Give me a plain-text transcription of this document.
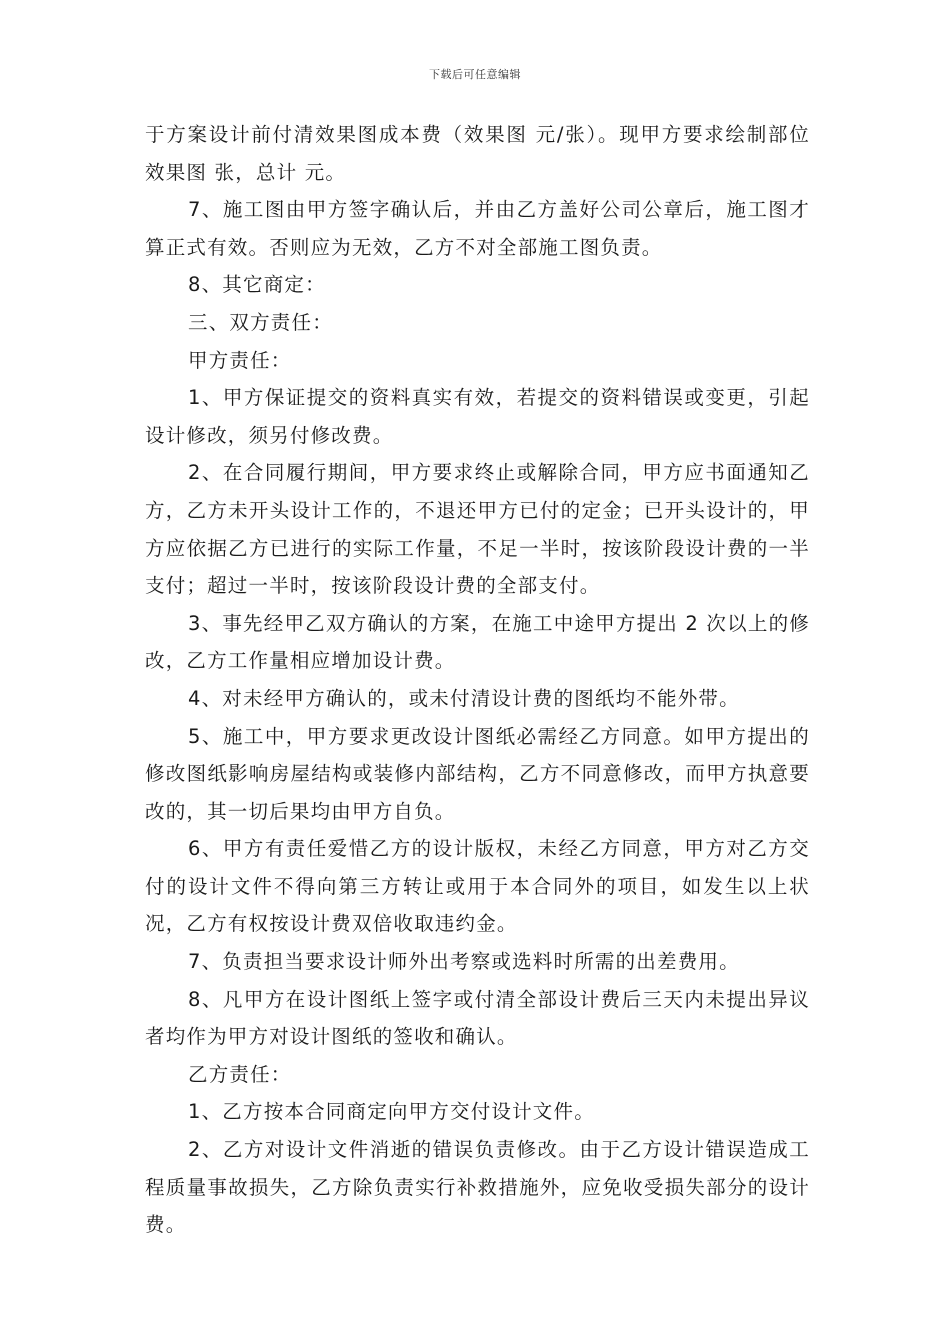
下载后可任意编辑

于方案设计前付清效果图成本费（效果图 元/张）。现甲方要求绘制部位效果图 张，总计 元。

7、施工图由甲方签字确认后，并由乙方盖好公司公章后，施工图才算正式有效。否则应为无效，乙方不对全部施工图负责。

8、其它商定：

三、双方责任：

甲方责任：

1、甲方保证提交的资料真实有效，若提交的资料错误或变更，引起设计修改，须另付修改费。

2、在合同履行期间，甲方要求终止或解除合同，甲方应书面通知乙方，乙方未开头设计工作的，不退还甲方已付的定金；已开头设计的，甲方应依据乙方已进行的实际工作量，不足一半时，按该阶段设计费的一半支付；超过一半时，按该阶段设计费的全部支付。

3、事先经甲乙双方确认的方案，在施工中途甲方提出 2 次以上的修改，乙方工作量相应增加设计费。

4、对未经甲方确认的，或未付清设计费的图纸均不能外带。

5、施工中，甲方要求更改设计图纸必需经乙方同意。如甲方提出的修改图纸影响房屋结构或装修内部结构，乙方不同意修改，而甲方执意要改的，其一切后果均由甲方自负。

6、甲方有责任爱惜乙方的设计版权，未经乙方同意，甲方对乙方交付的设计文件不得向第三方转让或用于本合同外的项目，如发生以上状况，乙方有权按设计费双倍收取违约金。

7、负责担当要求设计师外出考察或选料时所需的出差费用。

8、凡甲方在设计图纸上签字或付清全部设计费后三天内未提出异议者均作为甲方对设计图纸的签收和确认。

乙方责任：

1、乙方按本合同商定向甲方交付设计文件。

2、乙方对设计文件消逝的错误负责修改。由于乙方设计错误造成工程质量事故损失，乙方除负责实行补救措施外，应免收受损失部分的设计费。
